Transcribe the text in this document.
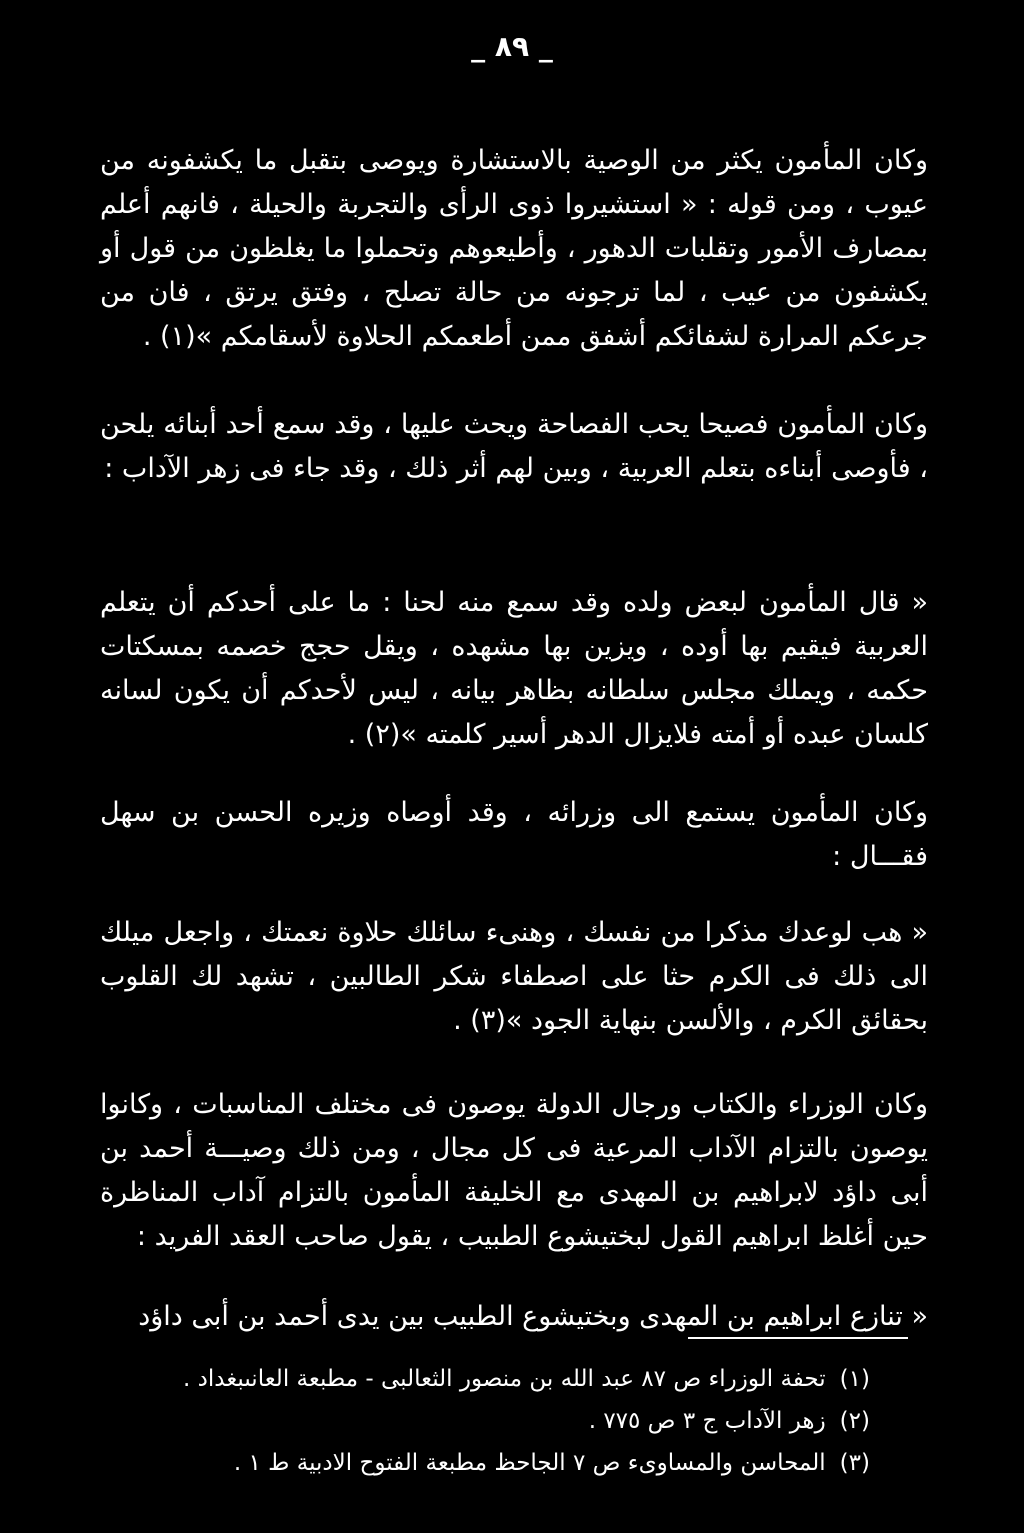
_ ٨٩ _

وكان المأمون يكثر من الوصية بالاستشارة ويوصى بتقبل ما يكشفونه من عيوب ، ومن قوله : « استشيروا ذوى الرأى والتجربة والحيلة ، فانهم أعلم بمصارف الأمور وتقلبات الدهور ، وأطيعوهم وتحملوا ما يغلظون من قول أو يكشفون من عيب ، لما ترجونه من حالة تصلح ، وفتق يرتق ، فان من جرعكم المرارة لشفائكم أشفق ممن أطعمكم الحلاوة لأسقامكم »(١) .

وكان المأمون فصيحا يحب الفصاحة ويحث عليها ، وقد سمع أحد أبنائه يلحن ، فأوصى أبناءه بتعلم العربية ، وبين لهم أثر ذلك ، وقد جاء فى زهر الآداب :

« قال المأمون لبعض ولده وقد سمع منه لحنا : ما على أحدكم أن يتعلم العربية فيقيم بها أوده ، ويزين بها مشهده ، ويقل حجج خصمه بمسكتات حكمه ، ويملك مجلس سلطانه بظاهر بيانه ، ليس لأحدكم أن يكون لسانه كلسان عبده أو أمته فلايزال الدهر أسير كلمته »(٢) .

وكان المأمون يستمع الى وزرائه ، وقد أوصاه وزيره الحسن بن سهل فقـــال :

« هب لوعدك مذكرا من نفسك ، وهنىء سائلك حلاوة نعمتك ، واجعل ميلك الى ذلك فى الكرم حثا على اصطفاء شكر الطالبين ، تشهد لك القلوب بحقائق الكرم ، والألسن بنهاية الجود »(٣) .

وكان الوزراء والكتاب ورجال الدولة يوصون فى مختلف المناسبات ، وكانوا يوصون بالتزام الآداب المرعية فى كل مجال ، ومن ذلك وصيـــة أحمد بن أبى داؤد لابراهيم بن المهدى مع الخليفة المأمون بالتزام آداب المناظرة حين أغلظ ابراهيم القول لبختيشوع الطبيب ، يقول صاحب العقد الفريد :

« تنازع ابراهيم بن المهدى وبختيشوع الطبيب بين يدى أحمد بن أبى داؤد

(١)
تحفة الوزراء ص ٨٧ عبد الله بن منصور الثعالبى - مطبعة العانىبغداد .
(٢)
زهر الآداب ج ٣ ص ٧٧٥ .
(٣)
المحاسن والمساوىء ص ٧ الجاحظ مطبعة الفتوح الادبية ط ١ .
